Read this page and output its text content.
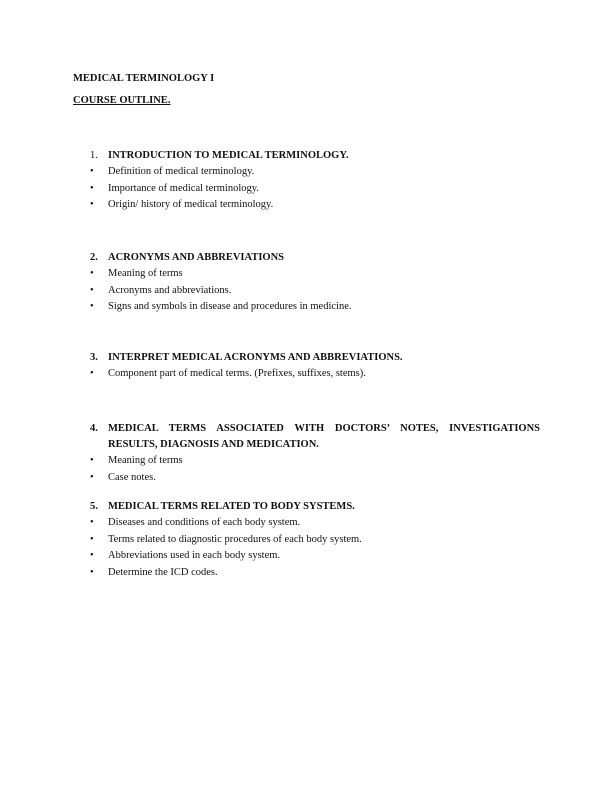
MEDICAL TERMINOLOGY I
COURSE OUTLINE.
1. INTRODUCTION TO MEDICAL TERMINOLOGY.
• Definition of medical terminology.
• Importance of medical terminology.
• Origin/ history of medical terminology.
2. ACRONYMS AND ABBREVIATIONS
• Meaning of terms
• Acronyms and abbreviations.
• Signs and symbols in disease and procedures in medicine.
3. INTERPRET MEDICAL ACRONYMS AND ABBREVIATIONS.
• Component part of medical terms. (Prefixes, suffixes, stems).
4. MEDICAL TERMS ASSOCIATED WITH DOCTORS’ NOTES, INVESTIGATIONS RESULTS, DIAGNOSIS AND MEDICATION.
• Meaning of terms
• Case notes.
5. MEDICAL TERMS RELATED TO BODY SYSTEMS.
• Diseases and conditions of each body system.
• Terms related to diagnostic procedures of each body system.
• Abbreviations used in each body system.
• Determine the ICD codes.
